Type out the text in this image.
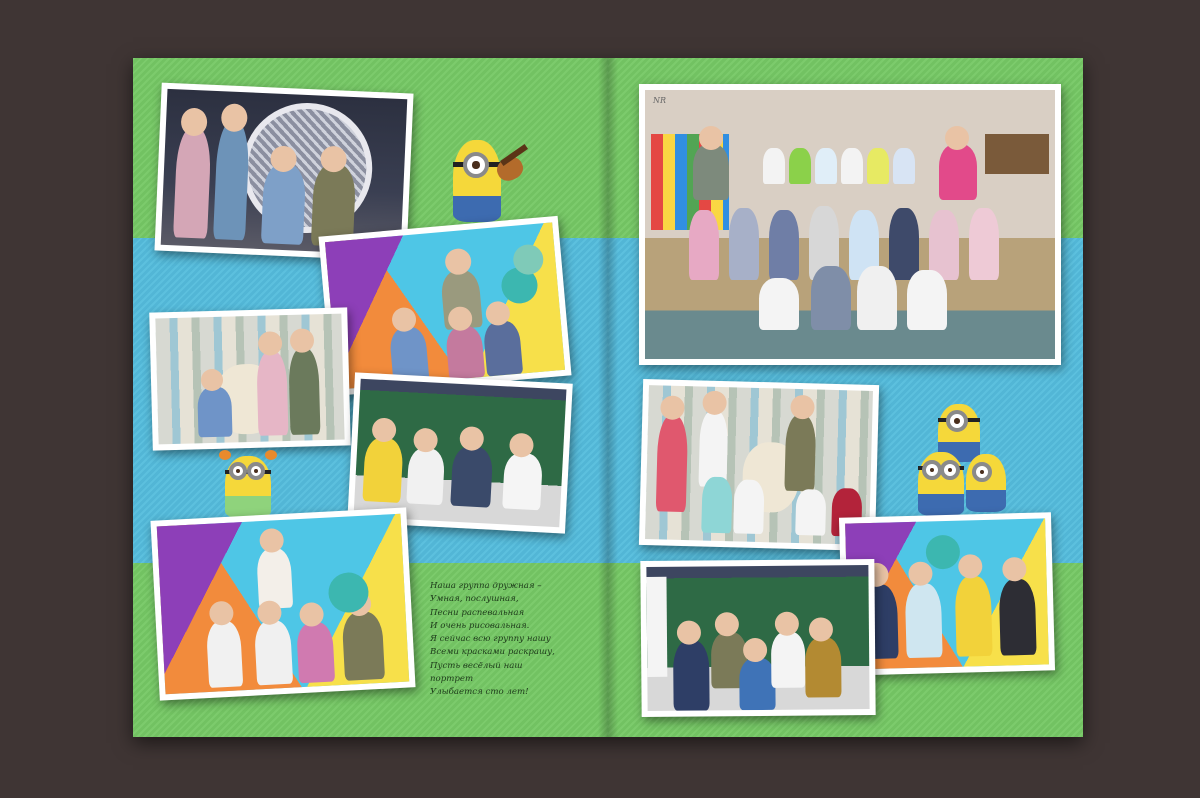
Наша группа дружная –
Умная, послушная,
Песни распевальная
И очень рисовальная.
Я сейчас всю группу нашу
Всеми красками раскрашу,
Пусть весёлый наш
портрет
Улыбается сто лет!
NR
